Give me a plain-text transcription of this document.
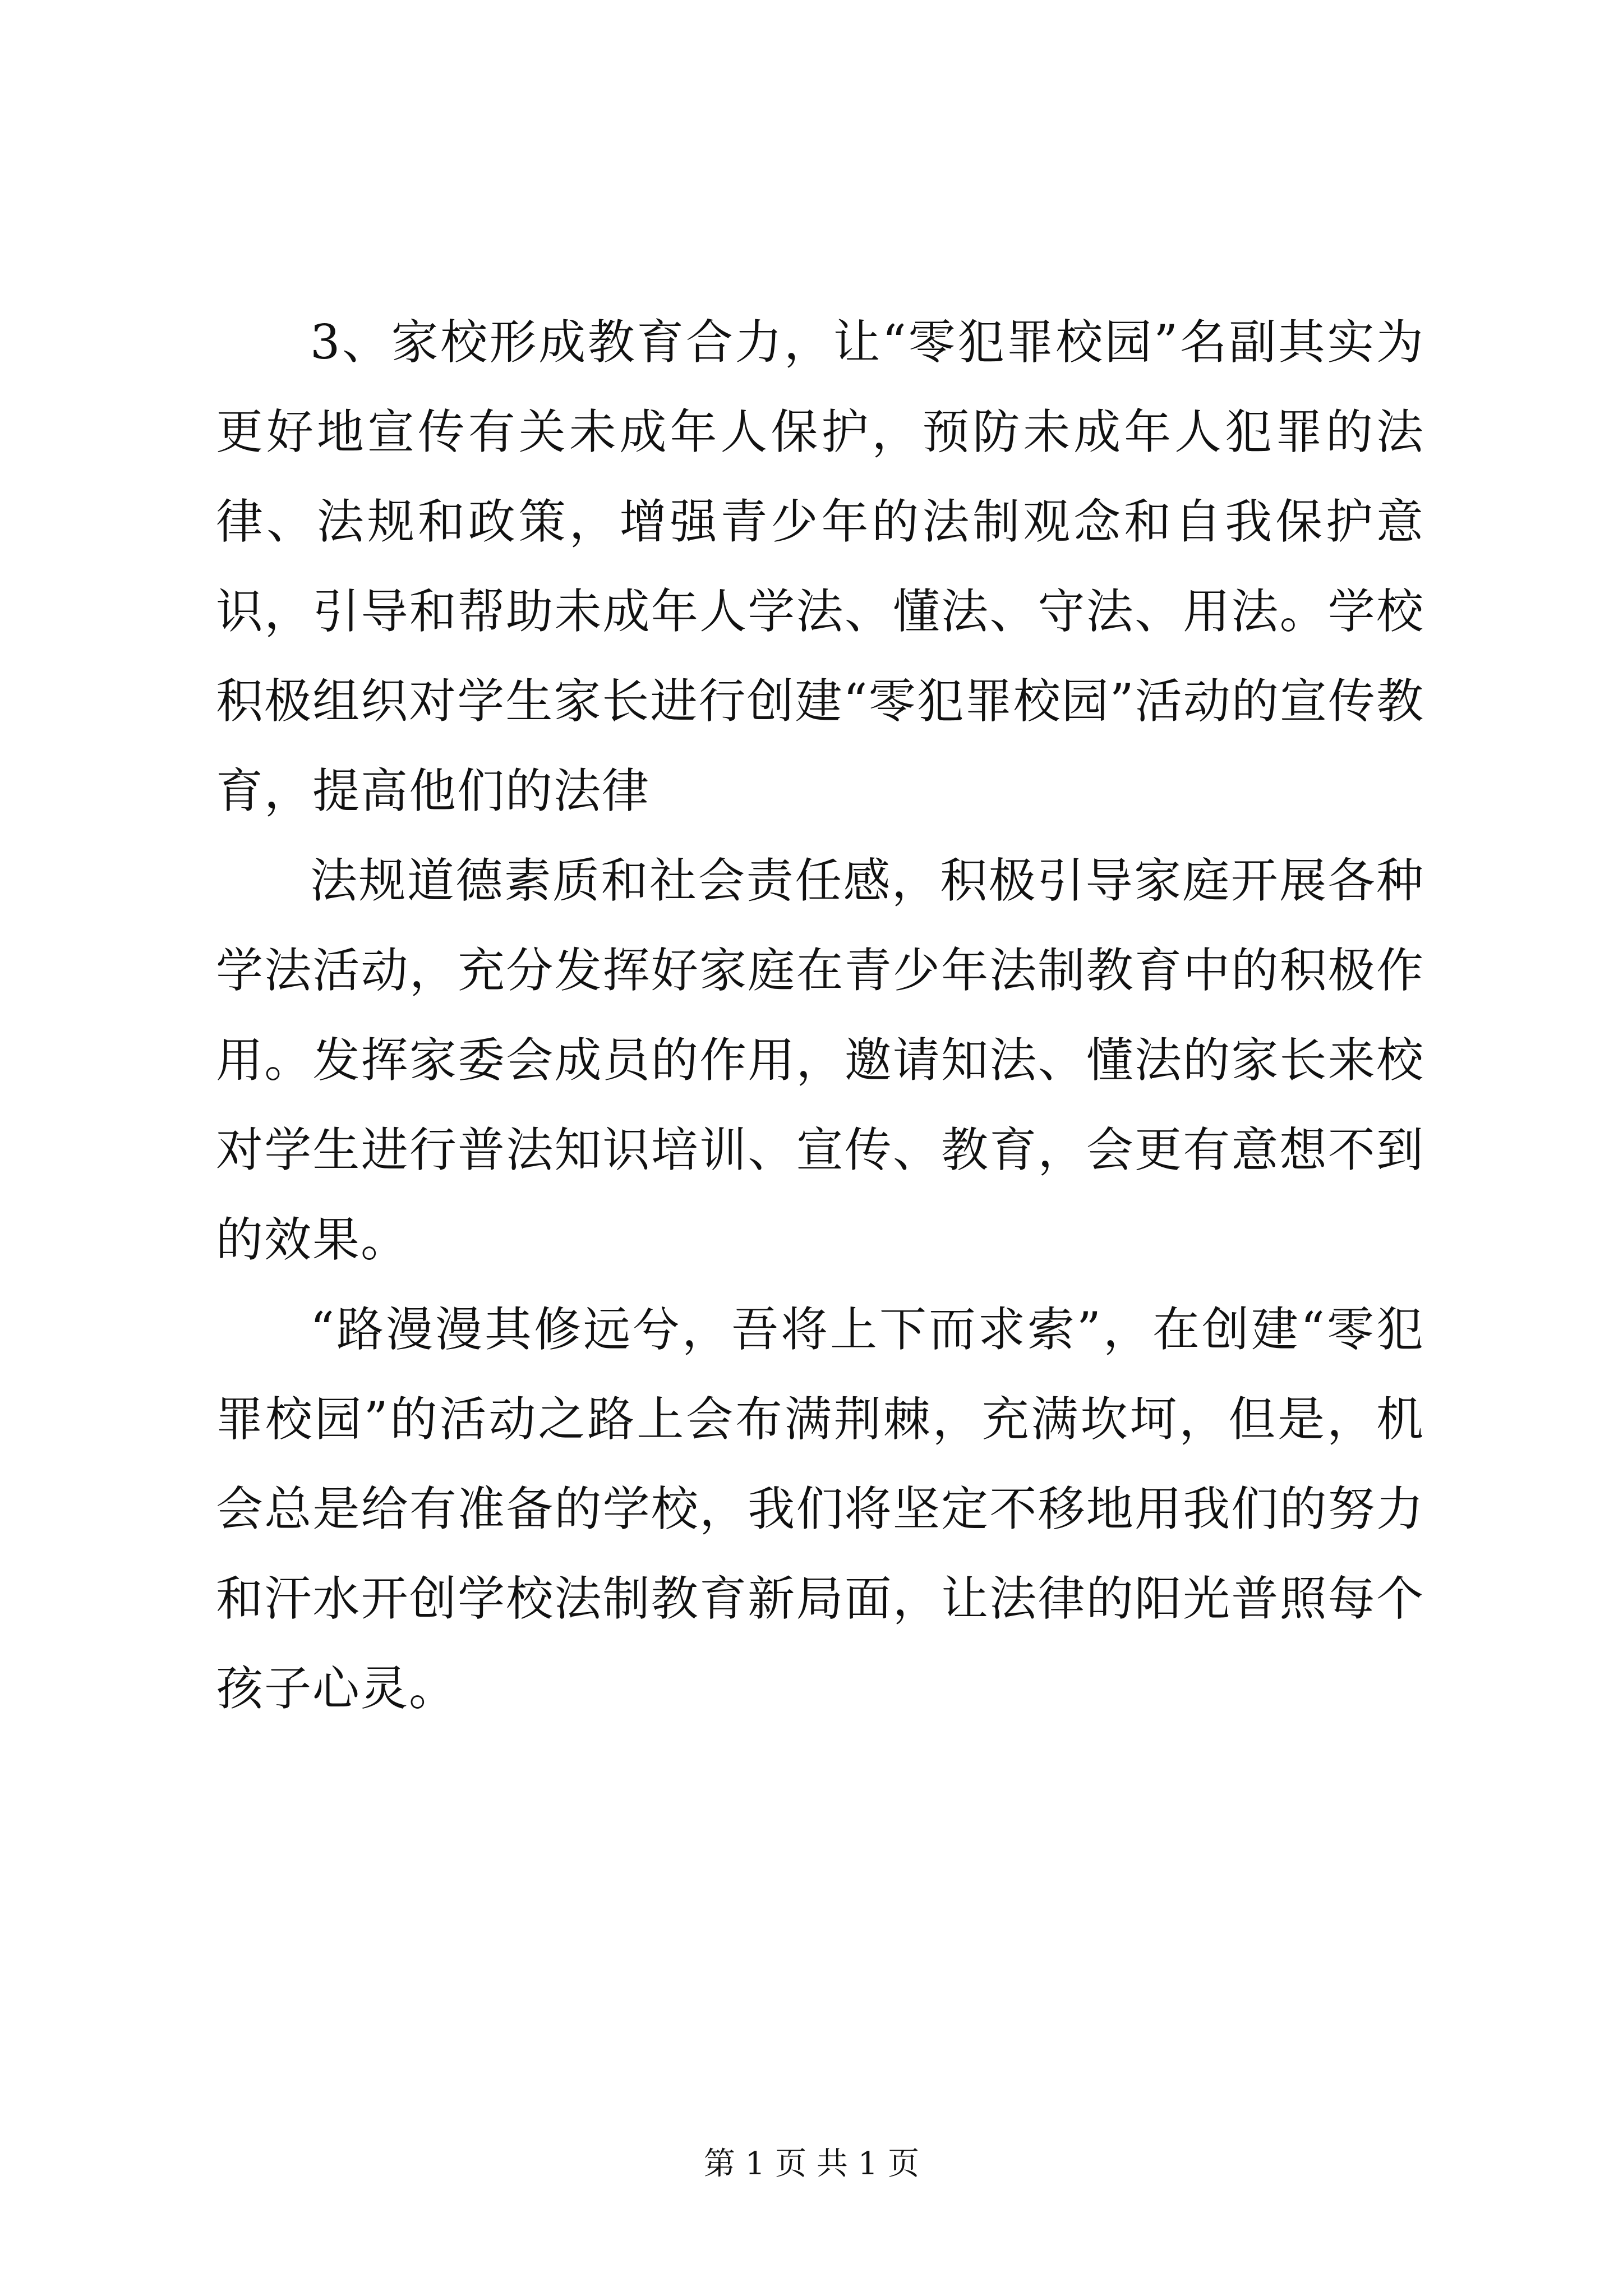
3、家校形成教育合力，让“零犯罪校园”名副其实为更好地宣传有关未成年人保护，预防未成年人犯罪的法律、法规和政策，增强青少年的法制观念和自我保护意识，引导和帮助未成年人学法、懂法、守法、用法。学校积极组织对学生家长进行创建“零犯罪校园”活动的宣传教育，提高他们的法律

法规道德素质和社会责任感，积极引导家庭开展各种学法活动，充分发挥好家庭在青少年法制教育中的积极作用。发挥家委会成员的作用，邀请知法、懂法的家长来校对学生进行普法知识培训、宣传、教育，会更有意想不到的效果。

“路漫漫其修远兮，吾将上下而求索”，在创建“零犯罪校园”的活动之路上会布满荆棘，充满坎坷，但是，机会总是给有准备的学校，我们将坚定不移地用我们的努力和汗水开创学校法制教育新局面，让法律的阳光普照每个孩子心灵。

第 1 页 共 1 页
